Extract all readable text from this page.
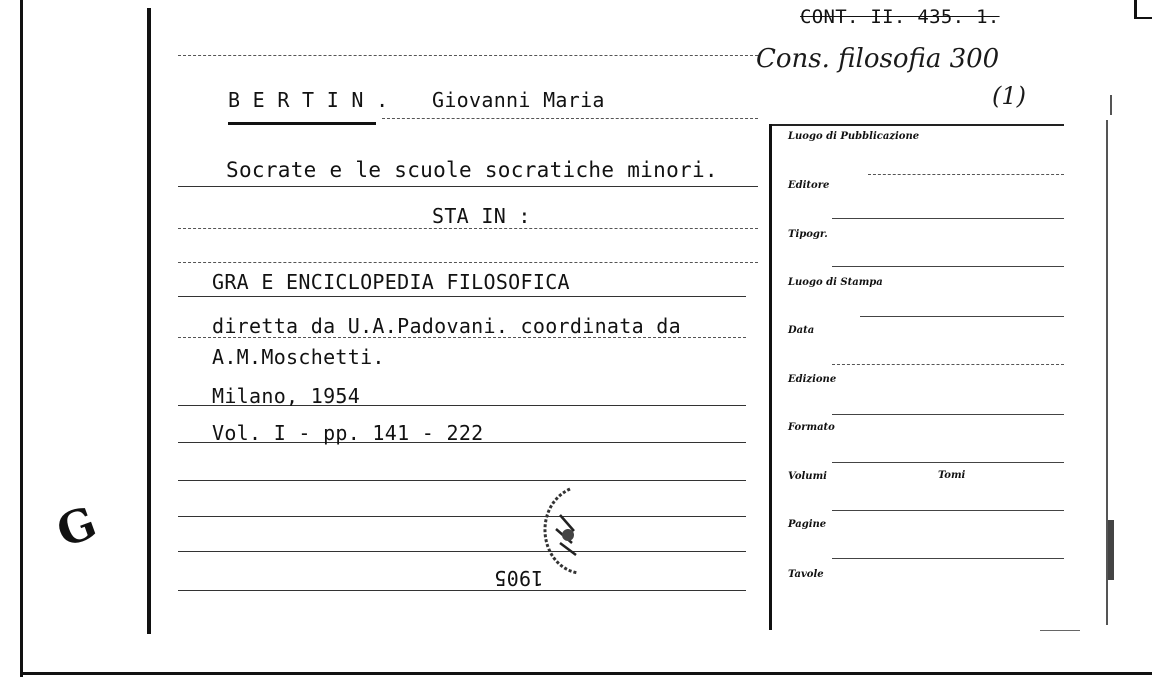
CONT. II. 435. 1.
Cons. filosofia 300
(1)
B E R T I N . Giovanni Maria
Socrate e le scuole socratiche minori.
STA IN :
GRA E ENCICLOPEDIA FILOSOFICA
diretta da U.A.Padovani. coordinata da
A.M.Moschetti.
Milano, 1954
Vol. I - pp. 141 - 222
1905
G
Luogo di Pubblicazione
Editore
Tipogr.
Luogo di Stampa
Data
Edizione
Formato
Volumi	Tomi
Pagine
Tavole
